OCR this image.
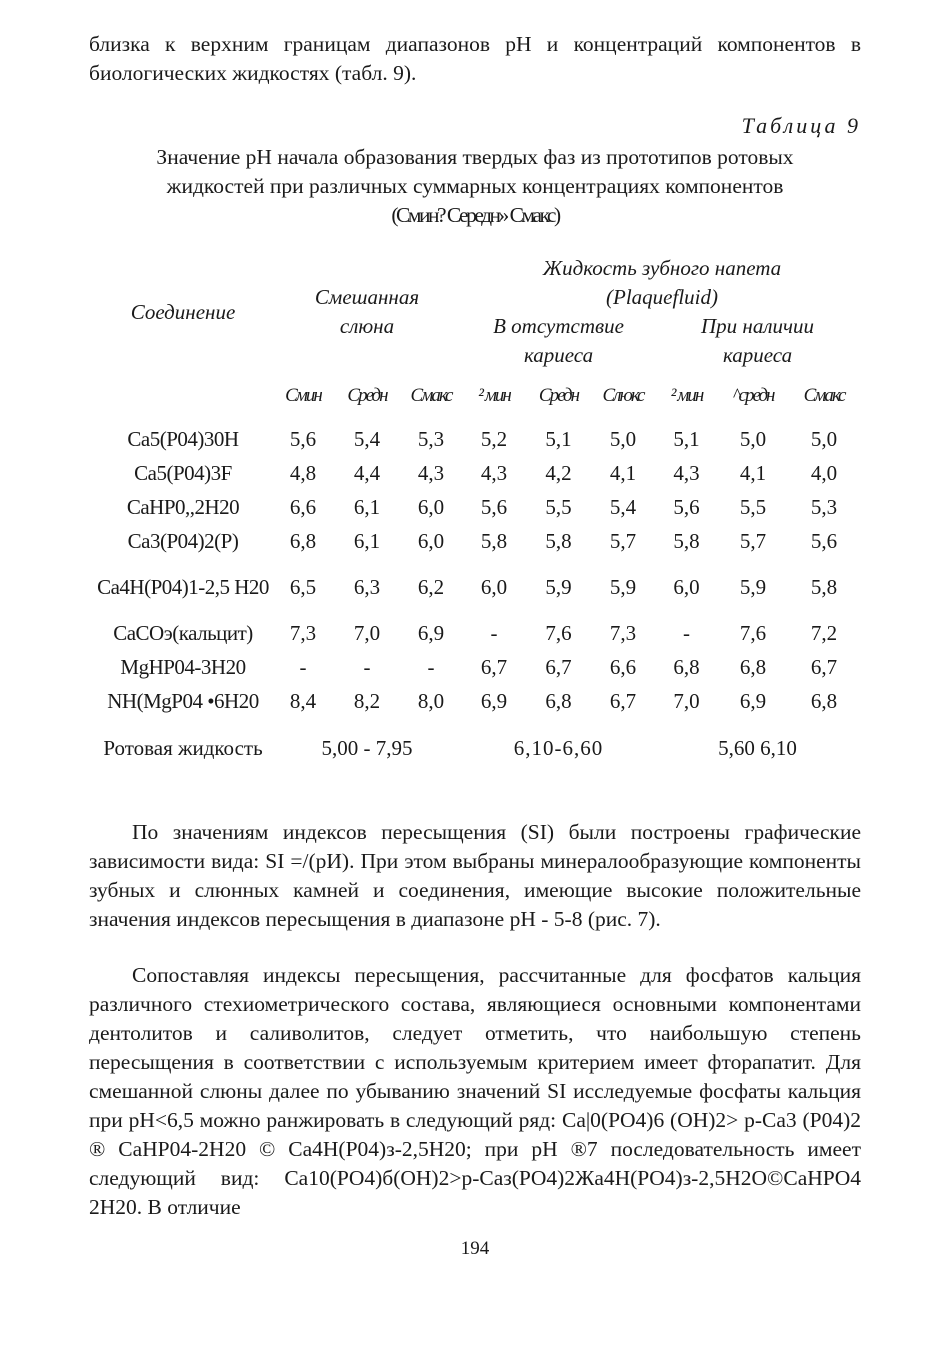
близка к верхним границам диапазонов pH и концентраций компонентов в биологических жидкостях (табл. 9).

Таблица 9
Значение pH начала образования твердых фаз из прототипов ротовых
жидкостей при различных суммарных концентрациях компонентов
(Смин? Середн» Смакс)
Соединение	Смешанная слюна			Жидкость зубного напета (Plaquefluid)					

				В отсутствие кариеса			При наличии кариеса		

	Смин	Средн	Смакс	² мин	Средн	Слюкс	² мин	^средн	Смакс
Ca5(P04)30H	5,6	5,4	5,3	5,2	5,1	5,0	5,1	5,0	5,0
Ca5(P04)3F	4,8	4,4	4,3	4,3	4,2	4,1	4,3	4,1	4,0
CaHP0,,2H20	6,6	6,1	6,0	5,6	5,5	5,4	5,6	5,5	5,3
Ca3(P04)2(P)	6,8	6,1	6,0	5,8	5,8	5,7	5,8	5,7	5,6
Ca4H(P04)1-2,5 H20	6,5	6,3	6,2	6,0	5,9	5,9	6,0	5,9	5,8
CaCOэ(кальцит)	7,3	7,0	6,9	-	7,6	7,3	-	7,6	7,2
MgHP04-3H20	-	-	-	6,7	6,7	6,6	6,8	6,8	6,7
NH(MgP04 •6H20	8,4	8,2	8,0	6,9	6,8	6,7	7,0	6,9	6,8
Ротовая жидкость	5,00 - 7,95			6,10-6,60			5,60 6,10		

По значениям индексов пересыщения (SI) были построены графические зависимости вида: SI =/(pИ). При этом выбраны минералообразующие компоненты зубных и слюнных камней и соединения, имеющие высокие положительные значения индексов пересыщения в диапазоне pH - 5-8 (рис. 7).

Сопоставляя индексы пересыщения, рассчитанные для фосфатов кальция различного стехиометрического состава, являющиеся основными компонентами дентолитов и саливолитов, следует отметить, что наибольшую степень пересыщения в соответствии с используемым критерием имеет фторапатит. Для смешанной слюны далее по убыванию значений SI исследуемые фосфаты кальция при pH<6,5 можно ранжировать в следующий ряд: Ca|0(PO4)6 (OH)2> p-Ca3 (P04)2 ® CaHP04-2H20 © Ca4H(P04)з-2,5H20; при pH ®7 последовательность имеет следующий вид: Ca10(PO4)б(OH)2>p-Caз(PO4)2Жa4H(PO4)з-2,5H2O©CaHPO4 2H20. В отличие

194
